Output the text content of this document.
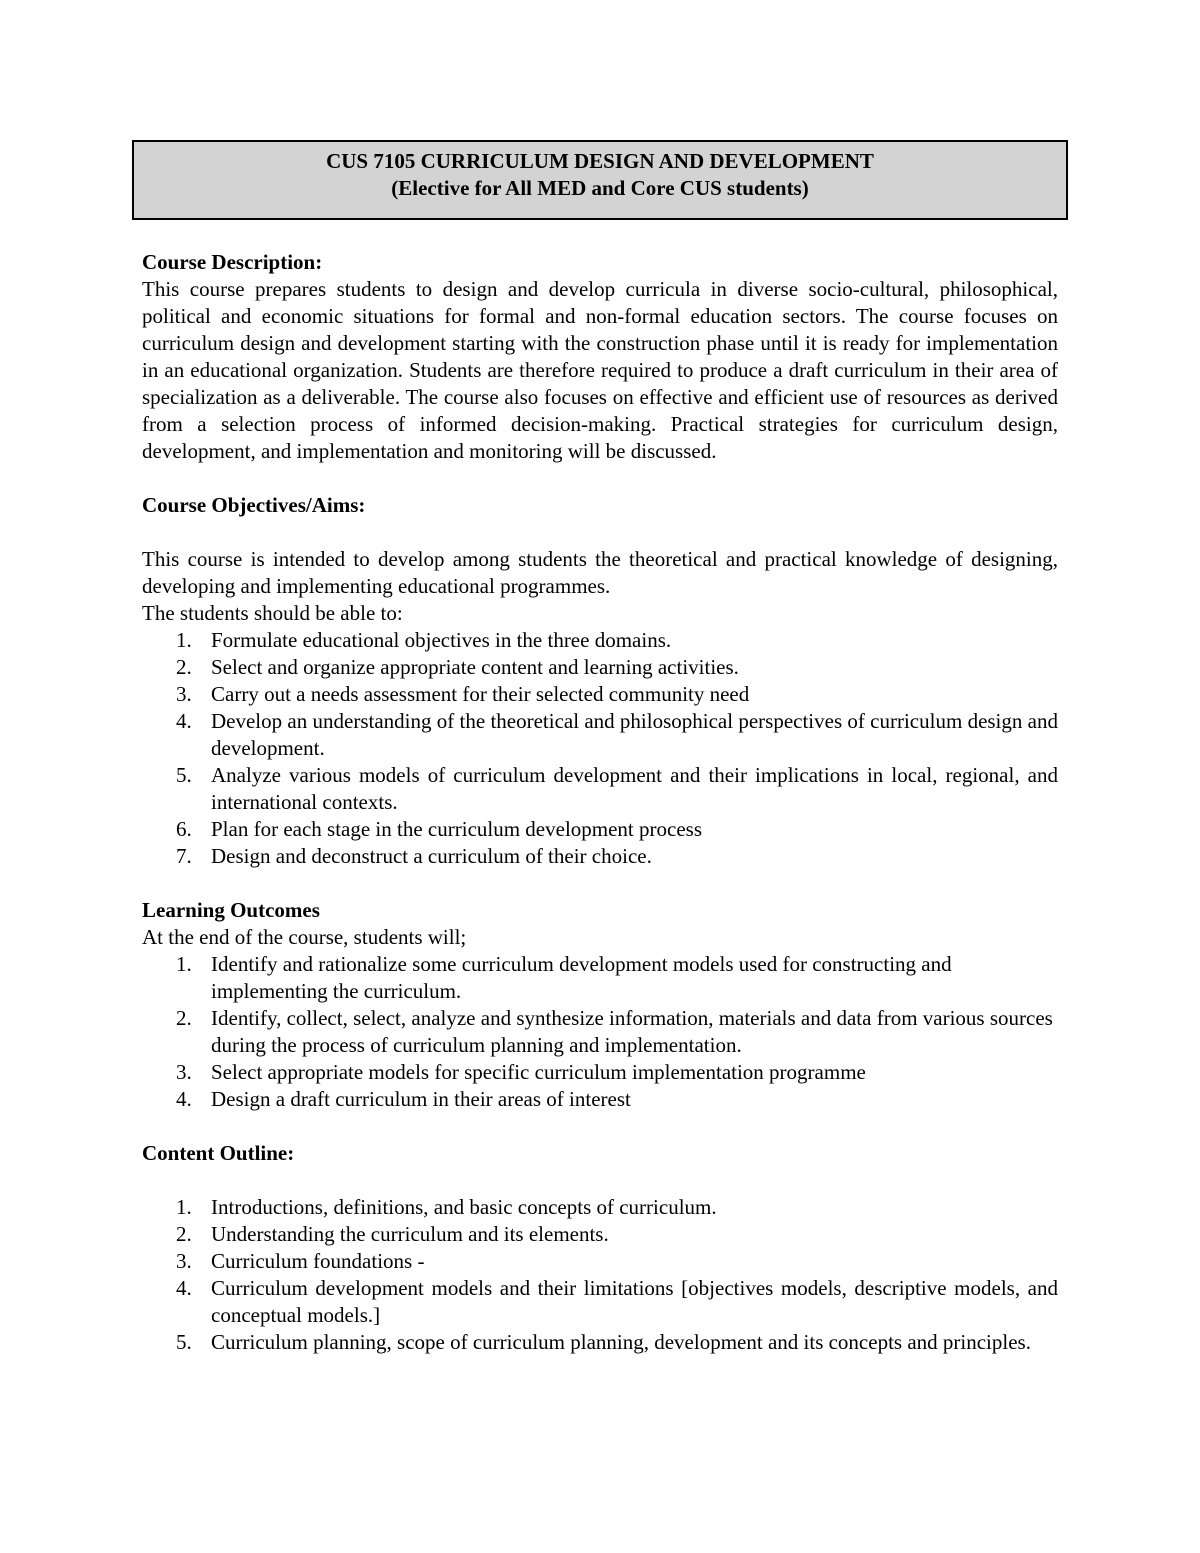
CUS 7105 CURRICULUM DESIGN AND DEVELOPMENT
(Elective for All MED and Core CUS students)
Course Description:
This course prepares students to design and develop curricula in diverse socio-cultural, philosophical, political and economic situations for formal and non-formal education sectors. The course focuses on curriculum design and development starting with the construction phase until it is ready for implementation in an educational organization. Students are therefore required to produce a draft curriculum in their area of specialization as a deliverable. The course also focuses on effective and efficient use of resources as derived from a selection process of informed decision-making. Practical strategies for curriculum design, development, and implementation and monitoring will be discussed.
Course Objectives/Aims:
This course is intended to develop among students the theoretical and practical knowledge of designing, developing and implementing educational programmes.
The students should be able to:
1. Formulate educational objectives in the three domains.
2. Select and organize appropriate content and learning activities.
3. Carry out a needs assessment for their selected community need
4. Develop an understanding of the theoretical and philosophical perspectives of curriculum design and development.
5. Analyze various models of curriculum development and their implications in local, regional, and international contexts.
6. Plan for each stage in the curriculum development process
7. Design and deconstruct a curriculum of their choice.
Learning Outcomes
At the end of the course, students will;
1. Identify and rationalize some curriculum development models used for constructing and implementing the curriculum.
2. Identify, collect, select, analyze and synthesize information, materials and data from various sources during the process of curriculum planning and implementation.
3. Select appropriate models for specific curriculum implementation programme
4. Design a draft curriculum in their areas of interest
Content Outline:
1. Introductions, definitions, and basic concepts of curriculum.
2. Understanding the curriculum and its elements.
3. Curriculum foundations -
4. Curriculum development models and their limitations [objectives models, descriptive models, and conceptual models.]
5. Curriculum planning, scope of curriculum planning, development and its concepts and principles.
